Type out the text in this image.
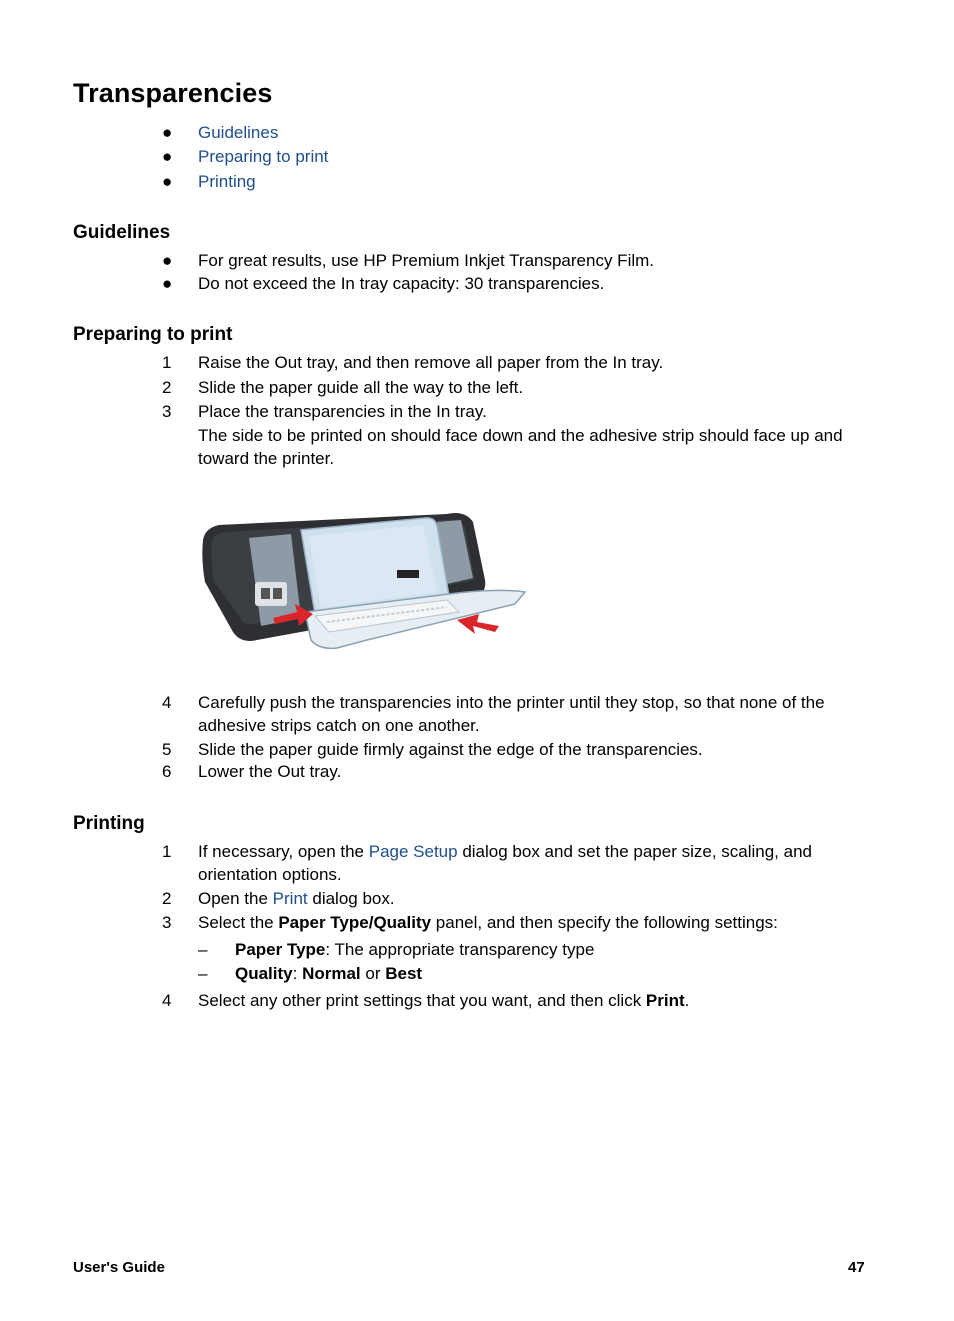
Transparencies
● Guidelines
● Preparing to print
● Printing
Guidelines
● For great results, use HP Premium Inkjet Transparency Film.
● Do not exceed the In tray capacity: 30 transparencies.
Preparing to print
1 Raise the Out tray, and then remove all paper from the In tray.
2 Slide the paper guide all the way to the left.
3 Place the transparencies in the In tray.
The side to be printed on should face down and the adhesive strip should face up and toward the printer.
4 Carefully push the transparencies into the printer until they stop, so that none of the adhesive strips catch on one another.
5 Slide the paper guide firmly against the edge of the transparencies.
6 Lower the Out tray.
Printing
1 If necessary, open the Page Setup dialog box and set the paper size, scaling, and orientation options.
2 Open the Print dialog box.
3 Select the Paper Type/Quality panel, and then specify the following settings:
– Paper Type: The appropriate transparency type
– Quality: Normal or Best
4 Select any other print settings that you want, and then click Print.
User's Guide	47
